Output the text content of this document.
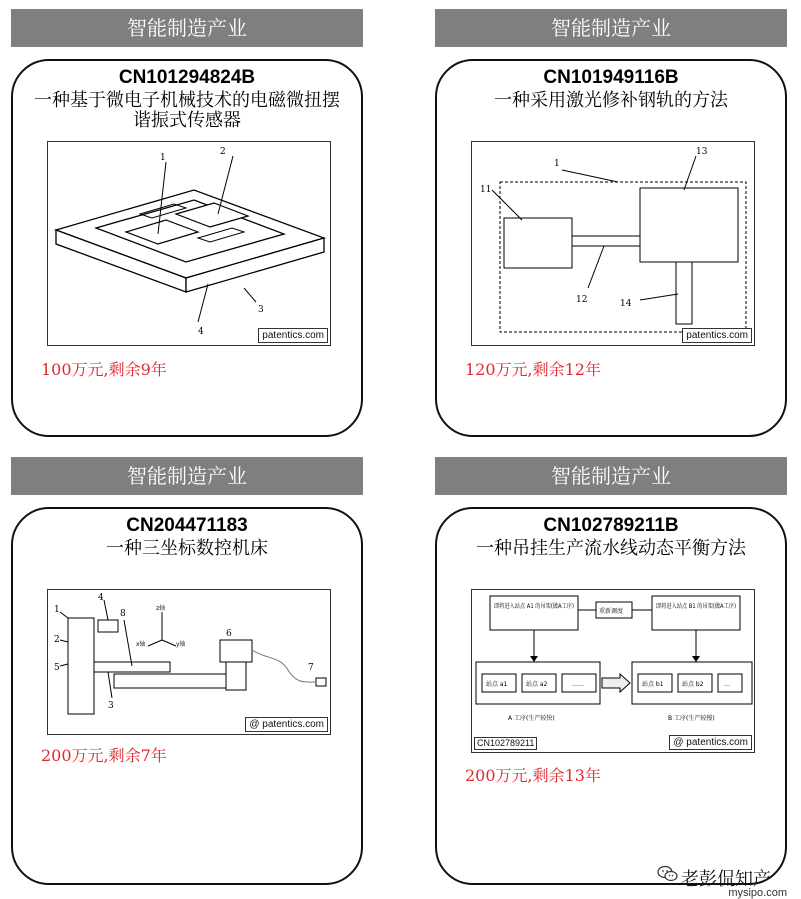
智能制造产业
CN101294824B
一种基于微电子机械技术的电磁微扭摆谐振式传感器
1
2
3
4	patentics.com
100万元,剩余9年
智能制造产业
CN101949116B
一种采用激光修补钢轨的方法
1
11
12
13
14
patentics.com
120万元,剩余12年
智能制造产业
CN204471183
一种三坐标数控机床
1
2
3
4
5
6
7
8
z轴
x轴	y轴
@ patentics.com
200万元,剩余7年
智能制造产业
CN102789211B
一种吊挂生产流水线动态平衡方法
即将进入站点 A1 的吊架(做A工序)
重新调度
即将进入站点 B1 的吊架(做A工序)
站点 a1	站点 a2	……	站点 b1	站点 b2	…
A 工序(生产较快)	B 工序(生产较慢)
CN102789211	@ patentics.com
200万元,剩余13年
老彭侃知产
mysipo.com
